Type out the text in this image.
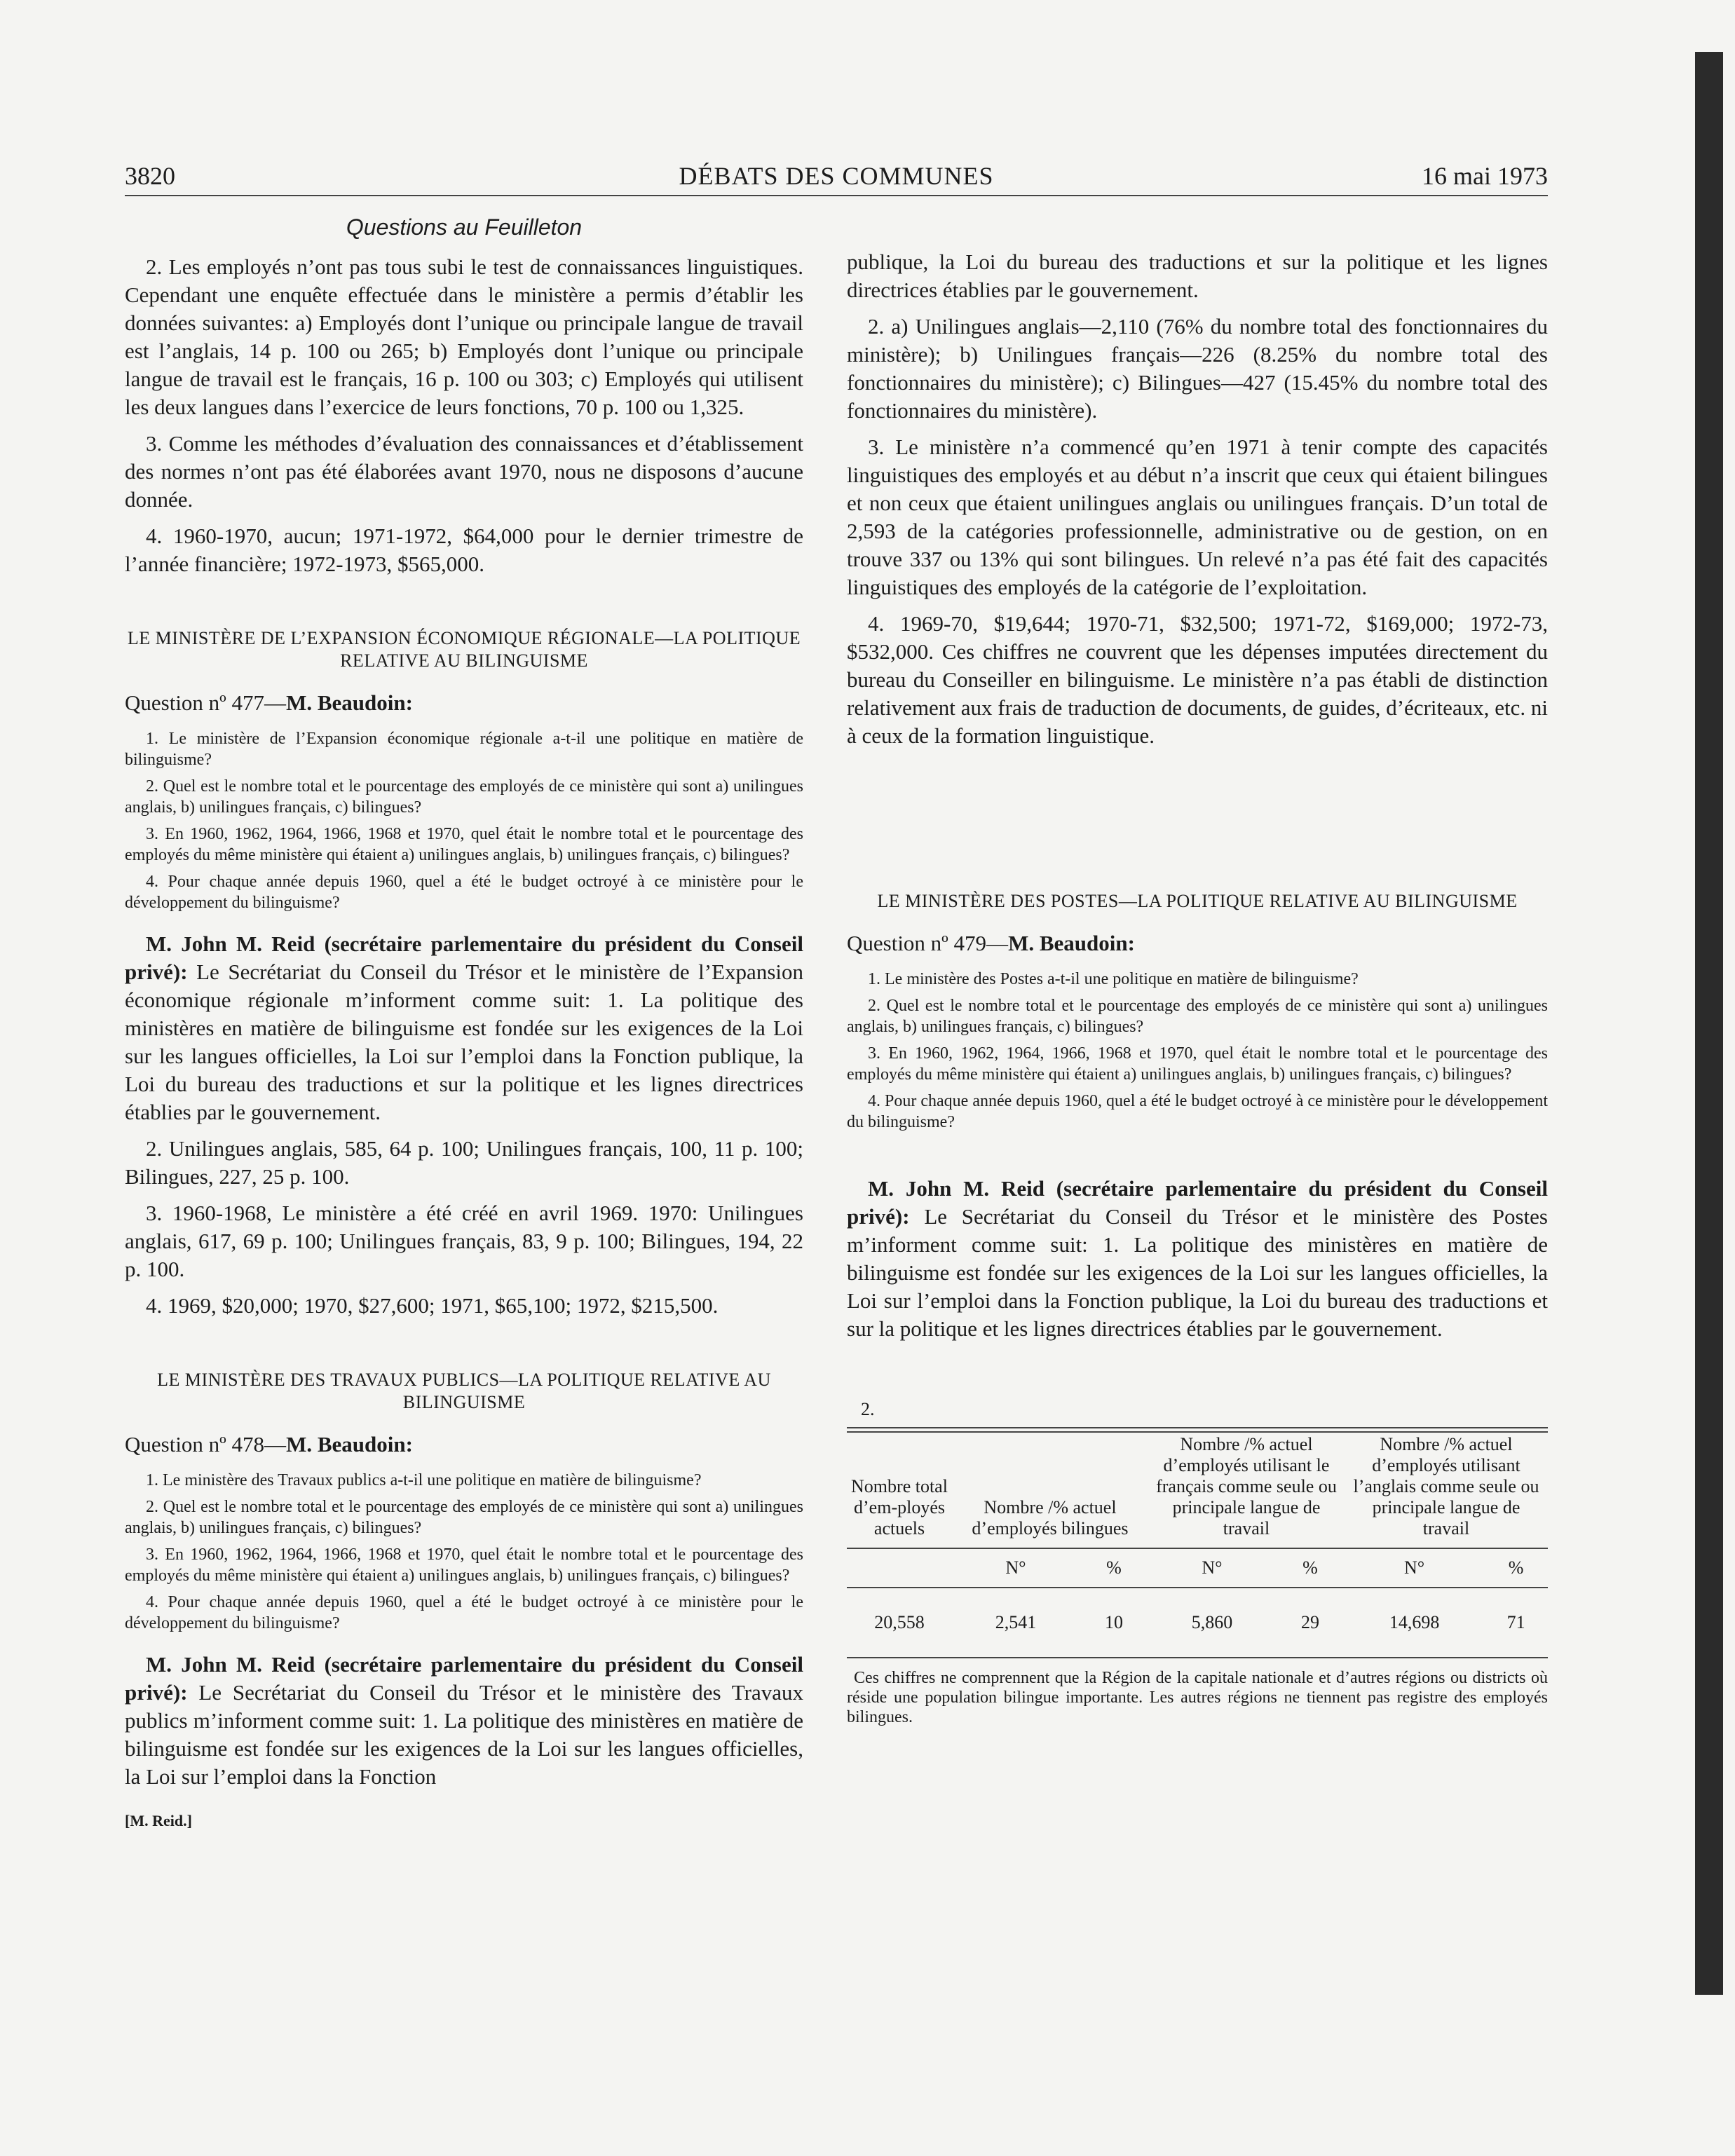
3820	DÉBATS DES COMMUNES	16 mai 1973

Questions au Feuilleton

2. Les employés n’ont pas tous subi le test de connaissances linguistiques. Cependant une enquête effectuée dans le ministère a permis d’établir les données suivantes: a) Employés dont l’unique ou principale langue de travail est l’anglais, 14 p. 100 ou 265; b) Employés dont l’unique ou principale langue de travail est le français, 16 p. 100 ou 303; c) Employés qui utilisent les deux langues dans l’exercice de leurs fonctions, 70 p. 100 ou 1,325.

3. Comme les méthodes d’évaluation des connaissances et d’établissement des normes n’ont pas été élaborées avant 1970, nous ne disposons d’aucune donnée.

4. 1960-1970, aucun; 1971-1972, $64,000 pour le dernier trimestre de l’année financière; 1972-1973, $565,000.

LE MINISTÈRE DE L’EXPANSION ÉCONOMIQUE RÉGIONALE—LA POLITIQUE RELATIVE AU BILINGUISME

Question nº 477—M. Beaudoin:

1. Le ministère de l’Expansion économique régionale a-t-il une politique en matière de bilinguisme?

2. Quel est le nombre total et le pourcentage des employés de ce ministère qui sont a) unilingues anglais, b) unilingues français, c) bilingues?

3. En 1960, 1962, 1964, 1966, 1968 et 1970, quel était le nombre total et le pourcentage des employés du même ministère qui étaient a) unilingues anglais, b) unilingues français, c) bilingues?

4. Pour chaque année depuis 1960, quel a été le budget octroyé à ce ministère pour le développement du bilinguisme?

M. John M. Reid (secrétaire parlementaire du président du Conseil privé): Le Secrétariat du Conseil du Trésor et le ministère de l’Expansion économique régionale m’informent comme suit: 1. La politique des ministères en matière de bilinguisme est fondée sur les exigences de la Loi sur les langues officielles, la Loi sur l’emploi dans la Fonction publique, la Loi du bureau des traductions et sur la politique et les lignes directrices établies par le gouvernement.

2. Unilingues anglais, 585, 64 p. 100; Unilingues français, 100, 11 p. 100; Bilingues, 227, 25 p. 100.

3. 1960-1968, Le ministère a été créé en avril 1969. 1970: Unilingues anglais, 617, 69 p. 100; Unilingues français, 83, 9 p. 100; Bilingues, 194, 22 p. 100.

4. 1969, $20,000; 1970, $27,600; 1971, $65,100; 1972, $215,500.

LE MINISTÈRE DES TRAVAUX PUBLICS—LA POLITIQUE RELATIVE AU BILINGUISME

Question nº 478—M. Beaudoin:

1. Le ministère des Travaux publics a-t-il une politique en matière de bilinguisme?

2. Quel est le nombre total et le pourcentage des employés de ce ministère qui sont a) unilingues anglais, b) unilingues français, c) bilingues?

3. En 1960, 1962, 1964, 1966, 1968 et 1970, quel était le nombre total et le pourcentage des employés du même ministère qui étaient a) unilingues anglais, b) unilingues français, c) bilingues?

4. Pour chaque année depuis 1960, quel a été le budget octroyé à ce ministère pour le développement du bilinguisme?

M. John M. Reid (secrétaire parlementaire du président du Conseil privé): Le Secrétariat du Conseil du Trésor et le ministère des Travaux publics m’informent comme suit: 1. La politique des ministères en matière de bilinguisme est fondée sur les exigences de la Loi sur les langues officielles, la Loi sur l’emploi dans la Fonction

[M. Reid.]

publique, la Loi du bureau des traductions et sur la politique et les lignes directrices établies par le gouvernement.

2. a) Unilingues anglais—2,110 (76% du nombre total des fonctionnaires du ministère); b) Unilingues français—226 (8.25% du nombre total des fonctionnaires du ministère); c) Bilingues—427 (15.45% du nombre total des fonctionnaires du ministère).

3. Le ministère n’a commencé qu’en 1971 à tenir compte des capacités linguistiques des employés et au début n’a inscrit que ceux qui étaient bilingues et non ceux que étaient unilingues anglais ou unilingues français. D’un total de 2,593 de la catégories professionnelle, administrative ou de gestion, on en trouve 337 ou 13% qui sont bilingues. Un relevé n’a pas été fait des capacités linguistiques des employés de la catégorie de l’exploitation.

4. 1969-70, $19,644; 1970-71, $32,500; 1971-72, $169,000; 1972-73, $532,000. Ces chiffres ne couvrent que les dépenses imputées directement du bureau du Conseiller en bilinguisme. Le ministère n’a pas établi de distinction relativement aux frais de traduction de documents, de guides, d’écriteaux, etc. ni à ceux de la formation linguistique.

LE MINISTÈRE DES POSTES—LA POLITIQUE RELATIVE AU BILINGUISME

Question nº 479—M. Beaudoin:

1. Le ministère des Postes a-t-il une politique en matière de bilinguisme?

2. Quel est le nombre total et le pourcentage des employés de ce ministère qui sont a) unilingues anglais, b) unilingues français, c) bilingues?

3. En 1960, 1962, 1964, 1966, 1968 et 1970, quel était le nombre total et le pourcentage des employés du même ministère qui étaient a) unilingues anglais, b) unilingues français, c) bilingues?

4. Pour chaque année depuis 1960, quel a été le budget octroyé à ce ministère pour le développement du bilinguisme?

M. John M. Reid (secrétaire parlementaire du président du Conseil privé): Le Secrétariat du Conseil du Trésor et le ministère des Postes m’informent comme suit: 1. La politique des ministères en matière de bilinguisme est fondée sur les exigences de la Loi sur les langues officielles, la Loi sur l’emploi dans la Fonction publique, la Loi du bureau des traductions et sur la politique et les lignes directrices établies par le gouvernement.

2.

Nombre total d’em-ployés actuels	Nombre /% actuel d’employés bilingues		Nombre /% actuel d’employés utilisant le français comme seule ou principale langue de travail		Nombre /% actuel d’employés utilisant l’anglais comme seule ou principale langue de travail	
	N°	%	N°	%	N°	%
20,558	2,541	10	5,860	29	14,698	71

Ces chiffres ne comprennent que la Région de la capitale nationale et d’autres régions ou districts où réside une population bilingue importante. Les autres régions ne tiennent pas registre des employés bilingues.
